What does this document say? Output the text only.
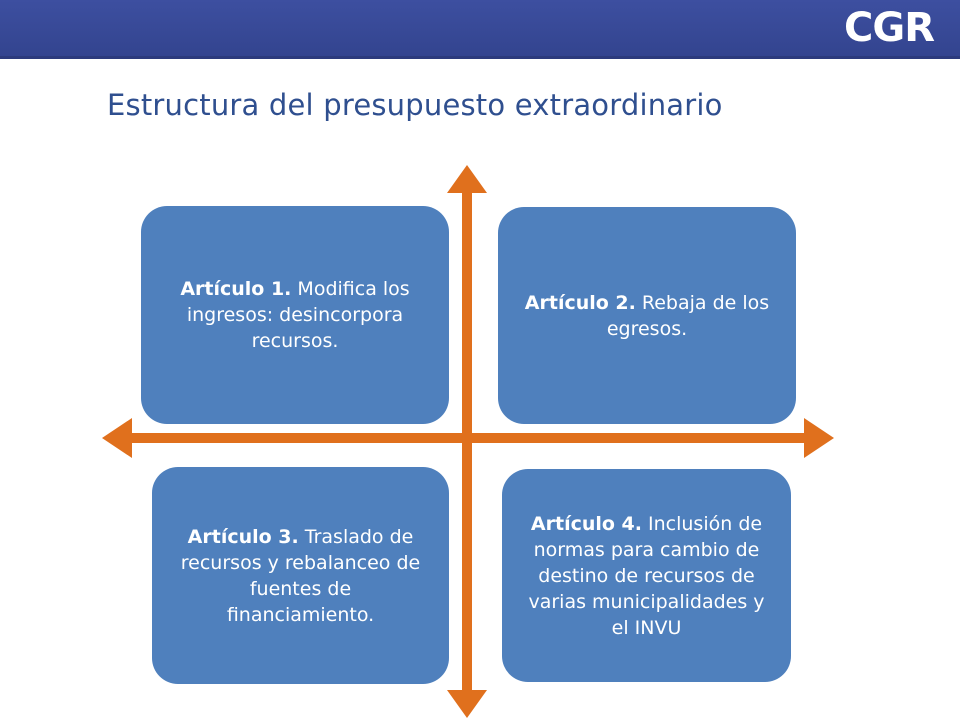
CGR
Estructura del presupuesto extraordinario
Artículo 1. Modifica los ingresos: desincorpora recursos.
Artículo 2. Rebaja de los egresos.
Artículo 3. Traslado de recursos y rebalanceo de fuentes de financiamiento.
Artículo 4. Inclusión de normas para cambio de destino de recursos de varias municipalidades y el INVU
